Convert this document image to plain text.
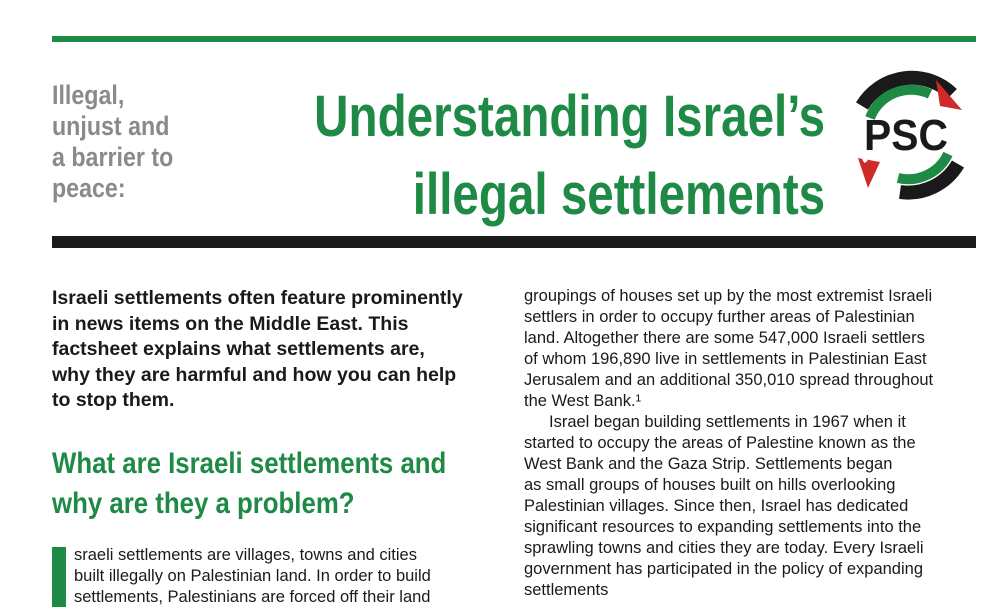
Illegal,
unjust and
a barrier to
peace:
Understanding Israel’s
illegal settlements
PSC

Israeli settlements often feature prominently
in news items on the Middle East. This
factsheet explains what settlements are,
why they are harmful and how you can help
to stop them.

What are Israeli settlements and
why are they a problem?
sraeli settlements are villages, towns and cities
built illegally on Palestinian land. In order to build
settlements, Palestinians are forced off their land
groupings of houses set up by the most extremist Israeli
settlers in order to occupy further areas of Palestinian
land. Altogether there are some 547,000 Israeli settlers
of whom 196,890 live in settlements in Palestinian East
Jerusalem and an additional 350,010 spread throughout
the West Bank.¹
Israel began building settlements in 1967 when it
started to occupy the areas of Palestine known as the
West Bank and the Gaza Strip. Settlements began
as small groups of houses built on hills overlooking
Palestinian villages. Since then, Israel has dedicated
significant resources to expanding settlements into the
sprawling towns and cities they are today. Every Israeli
government has participated in the policy of expanding
settlements
